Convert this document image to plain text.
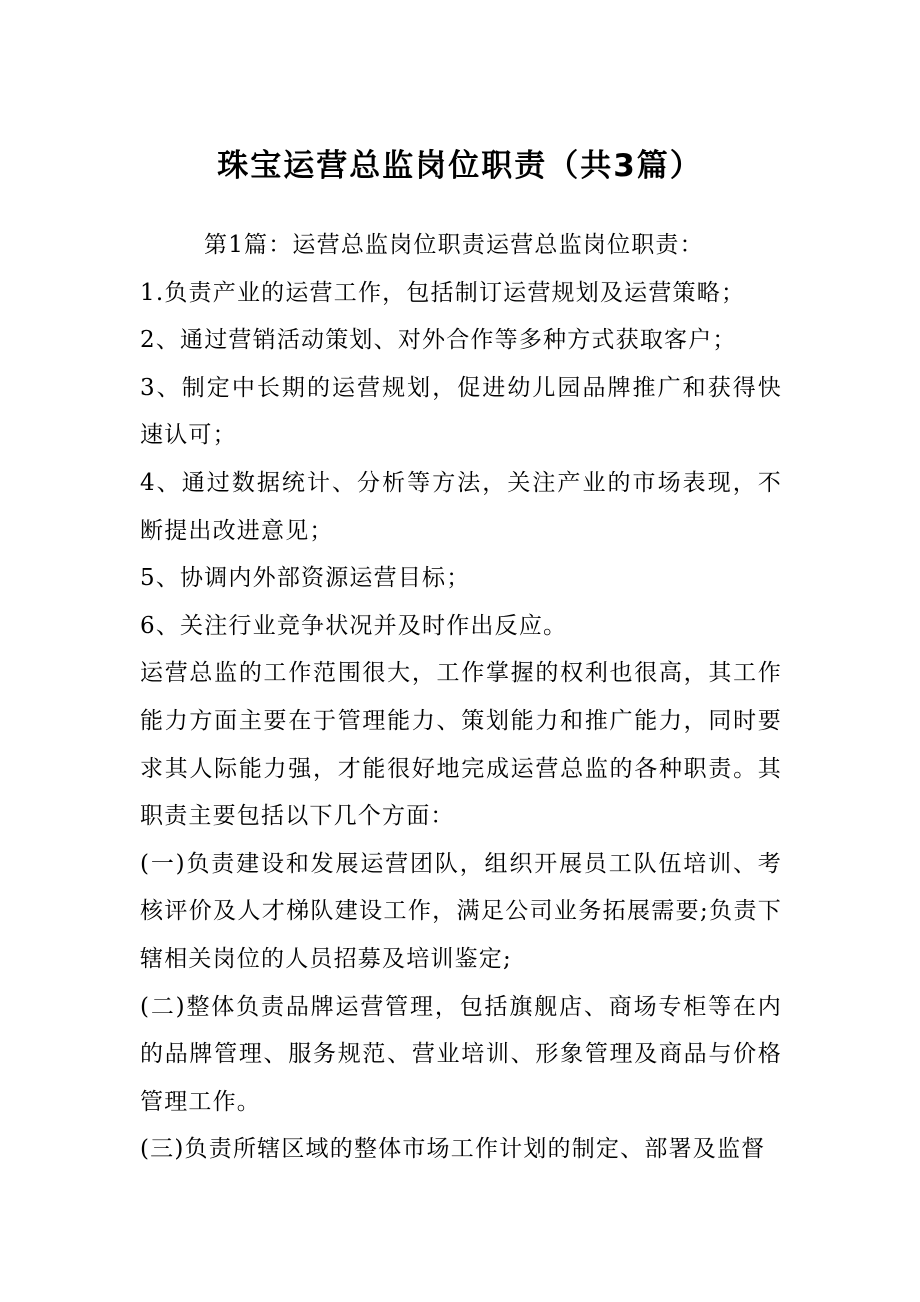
珠宝运营总监岗位职责（共3篇）

第1篇：运营总监岗位职责运营总监岗位职责：

1.负责产业的运营工作，包括制订运营规划及运营策略；

2、通过营销活动策划、对外合作等多种方式获取客户；

3、制定中长期的运营规划，促进幼儿园品牌推广和获得快速认可；

4、通过数据统计、分析等方法，关注产业的市场表现，不断提出改进意见；

5、协调内外部资源运营目标；

6、关注行业竞争状况并及时作出反应。

运营总监的工作范围很大，工作掌握的权利也很高，其工作能力方面主要在于管理能力、策划能力和推广能力，同时要求其人际能力强，才能很好地完成运营总监的各种职责。其职责主要包括以下几个方面：

(一)负责建设和发展运营团队，组织开展员工队伍培训、考核评价及人才梯队建设工作，满足公司业务拓展需要;负责下辖相关岗位的人员招募及培训鉴定;

(二)整体负责品牌运营管理，包括旗舰店、商场专柜等在内的品牌管理、服务规范、营业培训、形象管理及商品与价格管理工作。

(三)负责所辖区域的整体市场工作计划的制定、部署及监督
